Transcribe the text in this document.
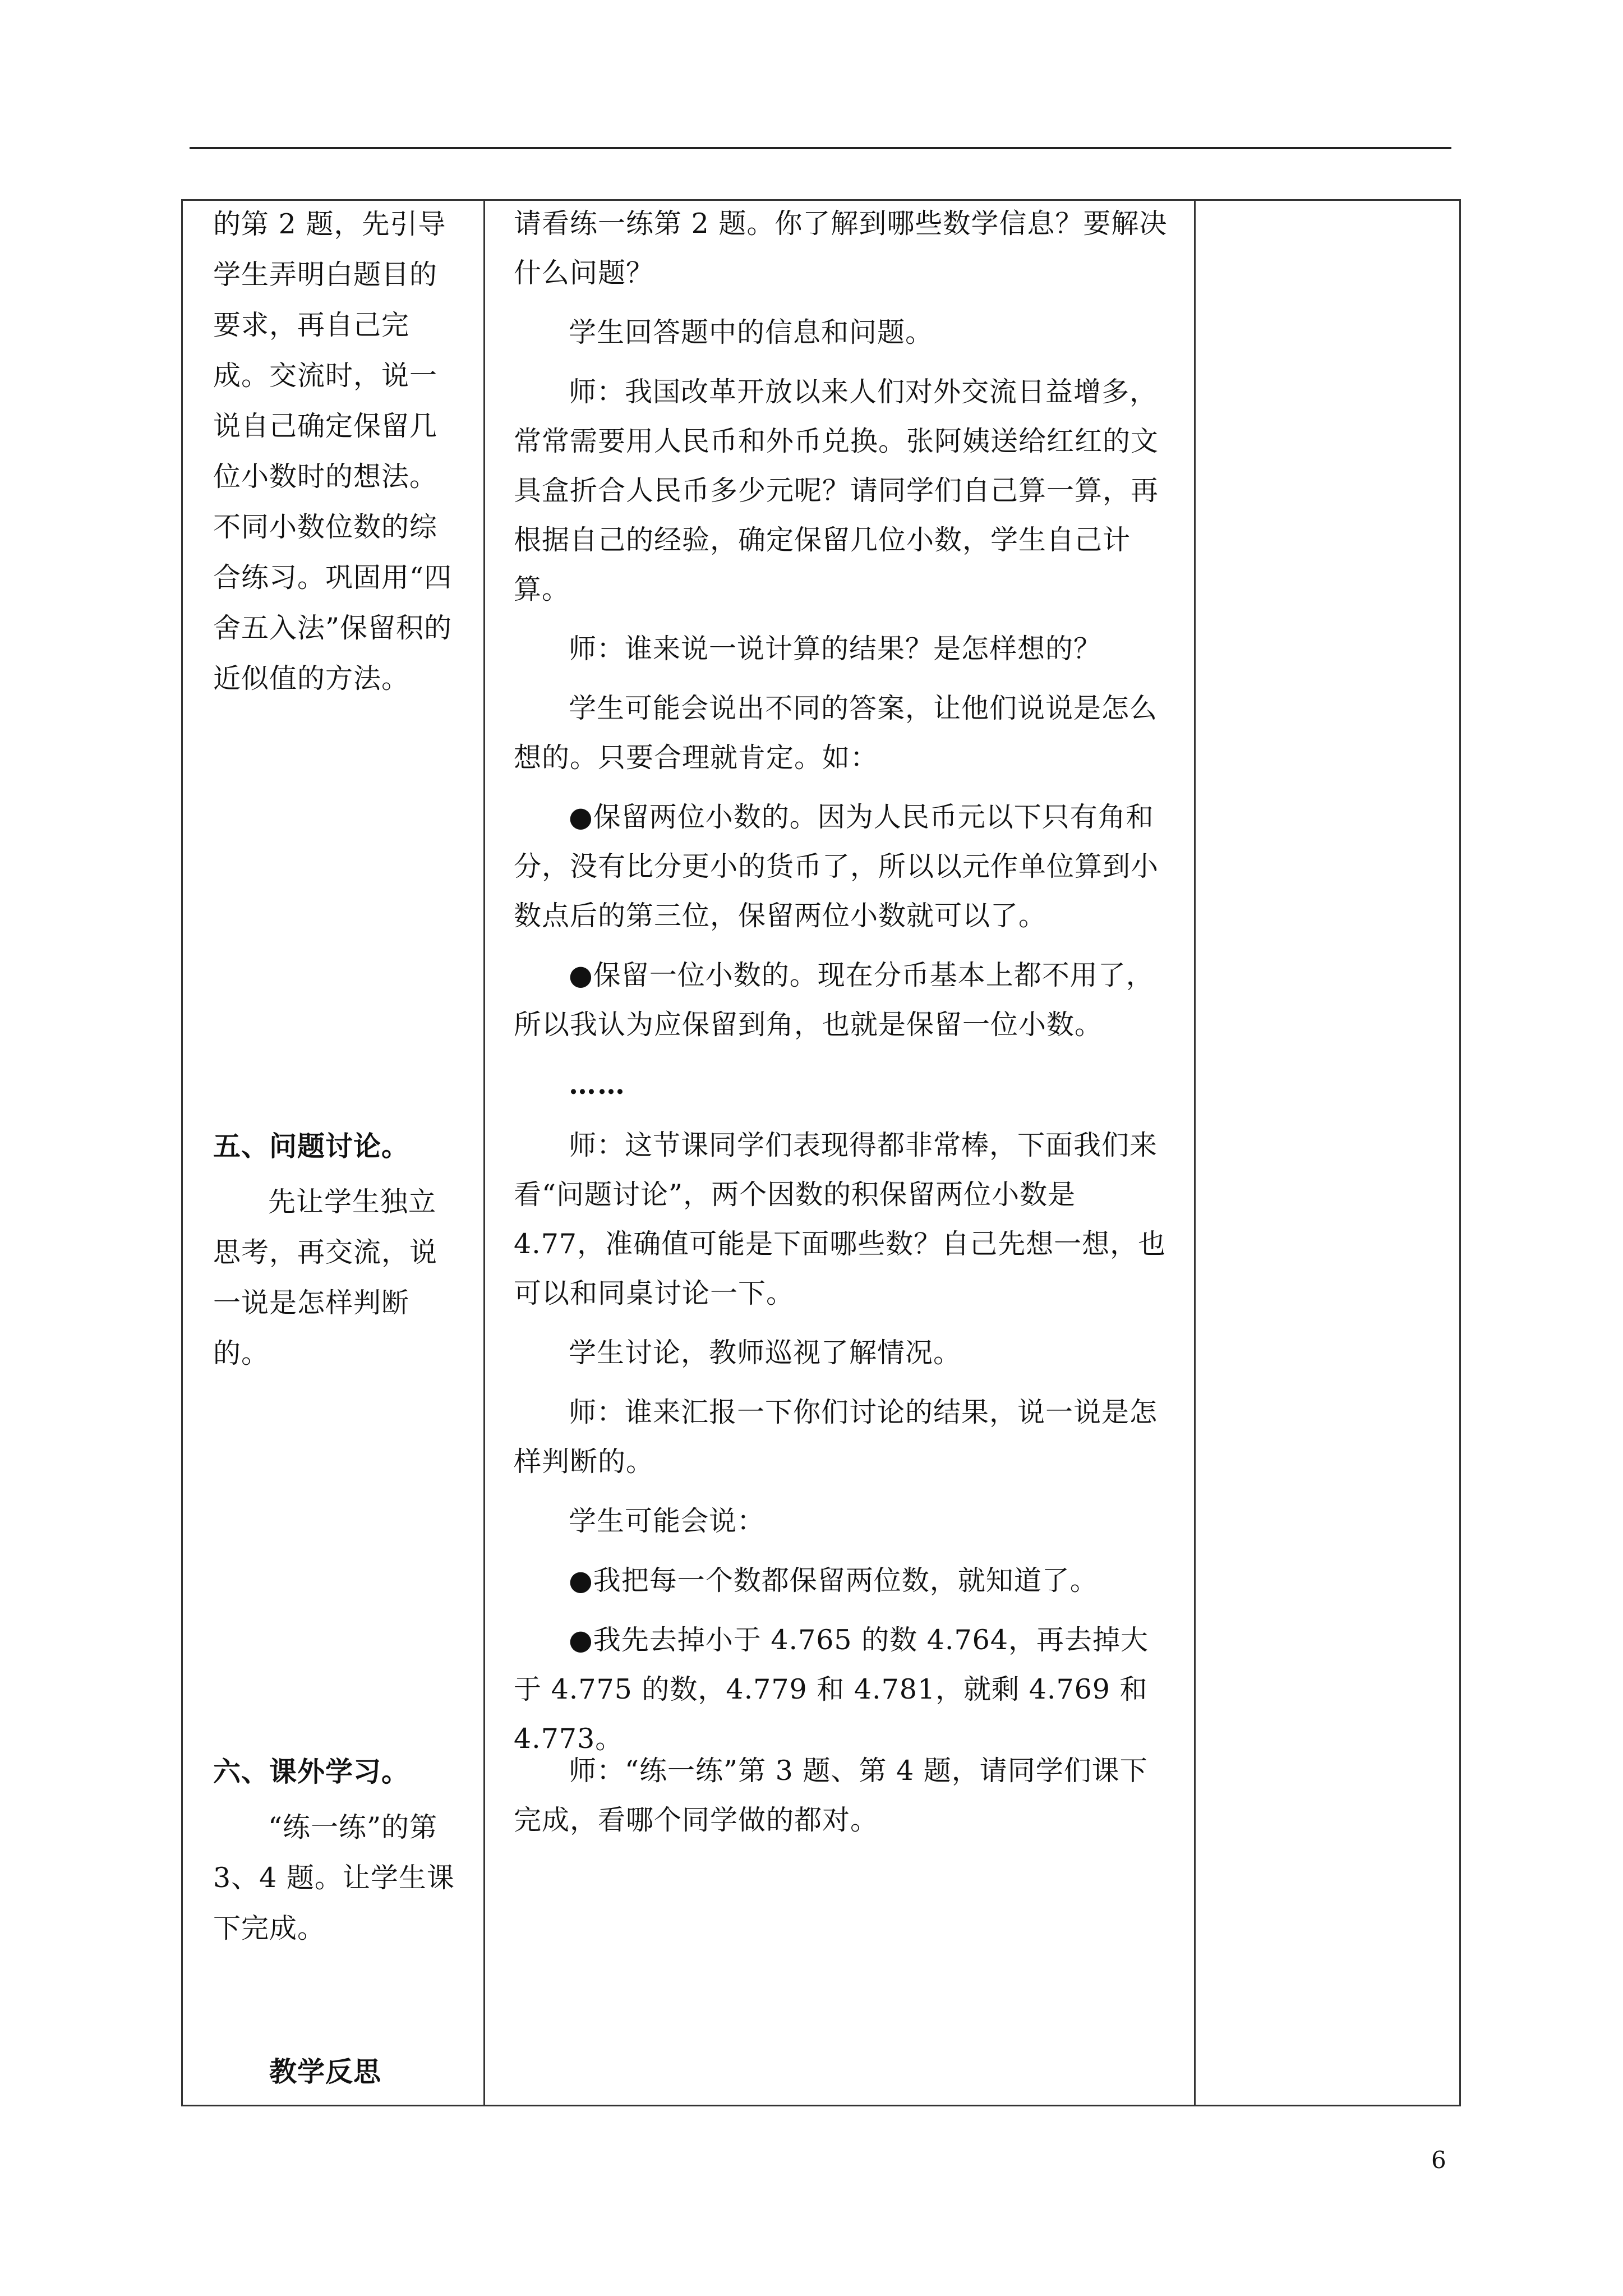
的第 2 题，先引导学生弄明白题目的要求，再自己完成。交流时，说一说自己确定保留几位小数时的想法。不同小数位数的综合练习。巩固用“四舍五入法”保留积的近似值的方法。

五、问题讨论。

先让学生独立思考，再交流，说一说是怎样判断的。

六、课外学习。

“练一练”的第 3、4 题。让学生课下完成。

教学反思

请看练一练第 2 题。你了解到哪些数学信息？要解决什么问题？

学生回答题中的信息和问题。

师：我国改革开放以来人们对外交流日益增多，常常需要用人民币和外币兑换。张阿姨送给红红的文具盒折合人民币多少元呢？请同学们自己算一算，再根据自己的经验，确定保留几位小数，学生自己计算。

师：谁来说一说计算的结果？是怎样想的？

学生可能会说出不同的答案，让他们说说是怎么想的。只要合理就肯定。如：

●保留两位小数的。因为人民币元以下只有角和分，没有比分更小的货币了，所以以元作单位算到小数点后的第三位，保留两位小数就可以了。

●保留一位小数的。现在分币基本上都不用了，所以我认为应保留到角，也就是保留一位小数。

……

师：这节课同学们表现得都非常棒，下面我们来看“问题讨论”，两个因数的积保留两位小数是 4.77，准确值可能是下面哪些数？自己先想一想，也可以和同桌讨论一下。

学生讨论，教师巡视了解情况。

师：谁来汇报一下你们讨论的结果，说一说是怎样判断的。

学生可能会说：

●我把每一个数都保留两位数，就知道了。

●我先去掉小于 4.765 的数 4.764，再去掉大于 4.775 的数，4.779 和 4.781，就剩 4.769 和 4.773。

师：“练一练”第 3 题、第 4 题，请同学们课下完成，看哪个同学做的都对。

6
